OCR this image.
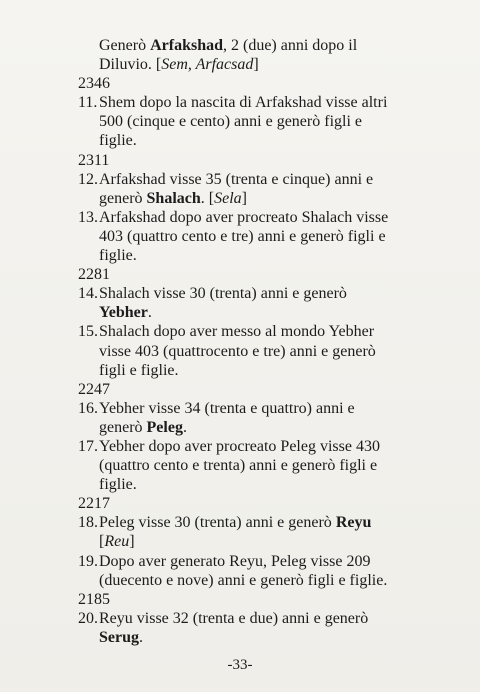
Generò Arfakshad, 2 (due) anni dopo il
Diluvio. [Sem, Arfacsad]
2346
11.Shem dopo la nascita di Arfakshad visse altri
500 (cinque e cento) anni e generò figli e
figlie.
2311
12.Arfakshad visse 35 (trenta e cinque) anni e
generò Shalach. [Sela]
13.Arfakshad dopo aver procreato Shalach visse
403 (quattro cento e tre) anni e generò figli e
figlie.
2281
14.Shalach visse 30 (trenta) anni e generò
Yebher.
15.Shalach dopo aver messo al mondo Yebher
visse 403 (quattrocento e tre) anni e generò
figli e figlie.
2247
16.Yebher visse 34 (trenta e quattro) anni e
generò Peleg.
17.Yebher dopo aver procreato Peleg visse 430
(quattro cento e trenta) anni e generò figli e
figlie.
2217
18.Peleg visse 30 (trenta) anni e generò Reyu
[Reu]
19.Dopo aver generato Reyu, Peleg visse 209
(duecento e nove) anni e generò figli e figlie.
2185
20.Reyu visse 32 (trenta e due) anni e generò
Serug.
-33-
